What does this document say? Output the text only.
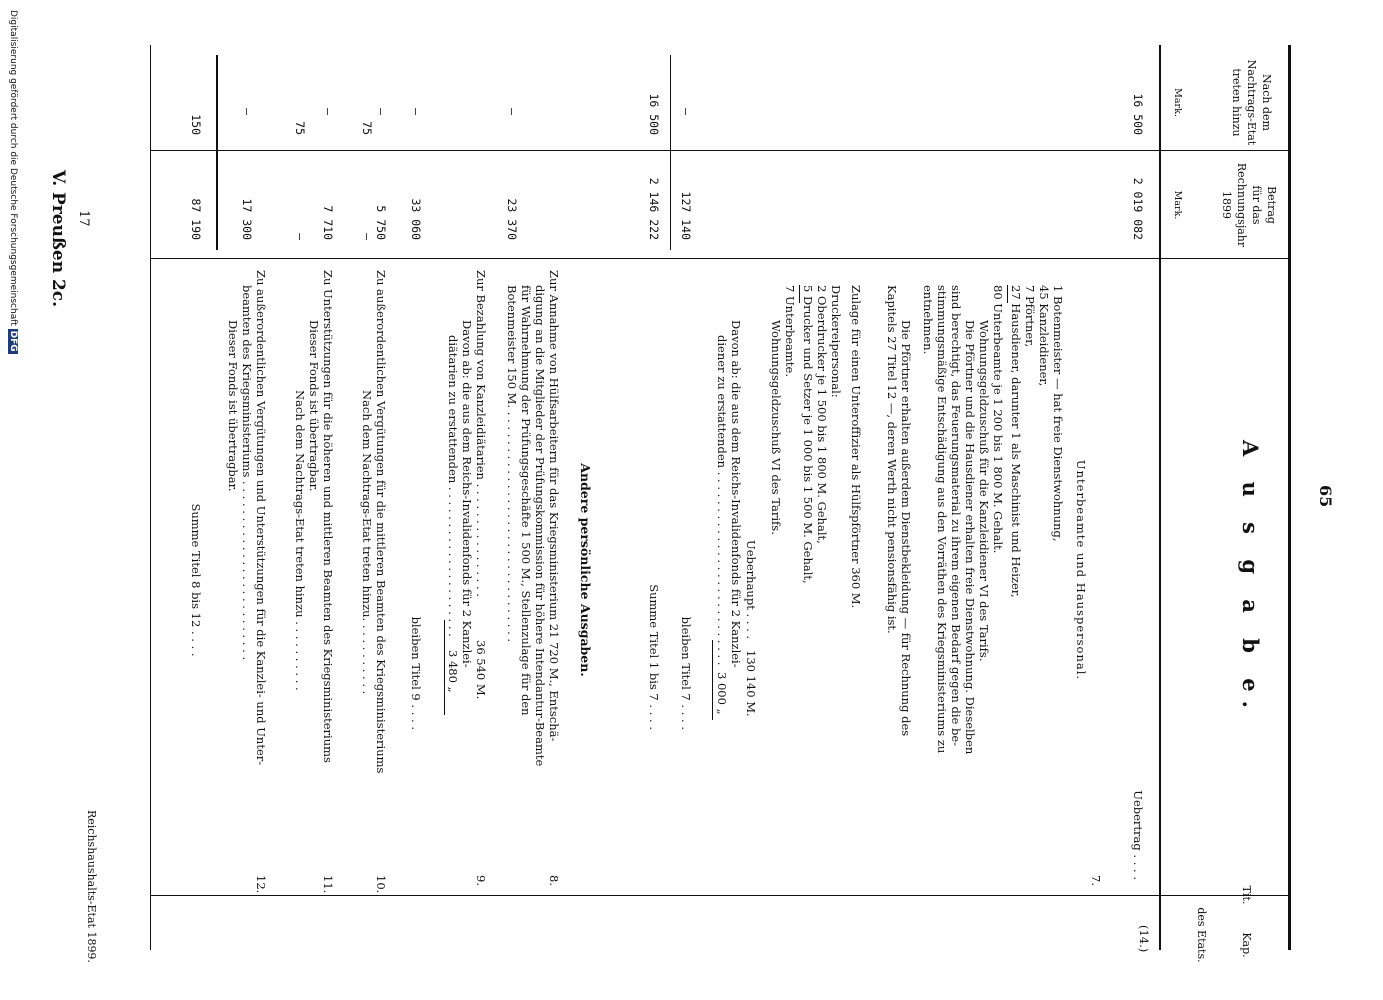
65
V. Preußen 2c.
Kap.
Tit.
des Etats.
A u s g a b e.
Betrag
für das
Rechnungsjahr
1899
Mark.
Nach dem
Nachtrags-Etat
treten hinzu
Mark.
(14.)
Uebertrag . . . .
2 019 082
16 500
7.
Unterbeamte und Hauspersonal.
1 Botenmeister — hat freie Dienstwohnung,
45 Kanzleidiener,
7 Pförtner,
27 Hausdiener, darunter 1 als Maschinist und Heizer,
80 Unterbeamte je 1 200 bis 1 800 M. Gehalt.
Wohnungsgeldzuschuß für die Kanzleidiener VI des Tarifs.
Die Pförtner und die Hausdiener erhalten freie Dienstwohnung. Dieselben
sind berechtigt, das Feuerungsmaterial zu ihrem eigenen Bedarf gegen die be-
stimmungsmäßige Entschädigung aus den Vorräthen des Kriegsministeriums zu
entnehmen.
Die Pförtner erhalten außerdem Dienstbekleidung — für Rechnung des
Kapitels 27 Titel 12 —, deren Werth nicht pensionsfähig ist.
Zulage für einen Unteroffizier als Hülfspförtner 360 M.
Druckereipersonal:
2 Oberdrucker je 1 500 bis 1 800 M. Gehalt,
5 Drucker und Setzer je 1 000 bis 1 500 M. Gehalt,
7 Unterbeamte.
Wohnungsgeldzuschuß VI des Tarifs.
Ueberhaupt . . . .
130 140 M.
Davon ab: die aus dem Reichs-Invalidenfonds für 2 Kanzlei-
diener zu erstattenden . . . . . . . . . . . . . . . . . . . . . . . . . . .
3 000 „
bleiben Titel 7 . . . .
127 140
—
Summe Titel 1 bis 7 . . . .
2 146 222
16 500
Andere persönliche Ausgaben.
8.
Zur Annahme von Hülfsarbeitern für das Kriegsministerium 21 720 M., Entschä-
digung an die Mitglieder der Prüfungskommission für höhere Intendantur-Beamte
für Wahrnehmung der Prüfungsgeschäfte 1 500 M., Stellenzulage für den
Botenmeister 150 M. . . . . . . . . . . . . . . . . . . . . . . . . . . . . . . . .
23 370
—
9.
Zur Bezahlung von Kanzleidiätarien . . . . . . . . . . . . . . . .
36 540 M.
Davon ab: die aus dem Reichs-Invalidenfonds für 2 Kanzlei-
diätarien zu erstattenden . . . . . . . . . . . . . . . . . . . . .
3 480 „
bleiben Titel 9 . . . .
33 060
—
10.
Zu außerordentlichen Vergütungen für die mittleren Beamten des Kriegsministeriums
Nach dem Nachtrags-Etat treten hinzu. . . . . . . . . . .
5 750
—
—
75
11.
Zu Unterstützungen für die höheren und mittleren Beamten des Kriegsministeriums
Dieser Fonds ist übertragbar.
Nach dem Nachtrags-Etat treten hinzu . . . . . . . . . .
7 710
—
—
75
12.
Zu außerordentlichen Vergütungen und Unterstützungen für die Kanzlei- und Unter-
beamten des Kriegsministeriums . . . . . . . . . . . . . . . . . . . . . . . . .
Dieser Fonds ist übertragbar.
17 300
—
Summe Titel 8 bis 12 . . . .
87 190
150
Reichshaushalts-Etat 1899.
17
Digitalisierung gefördert durch die Deutsche Forschungsgemeinschaft DFG
